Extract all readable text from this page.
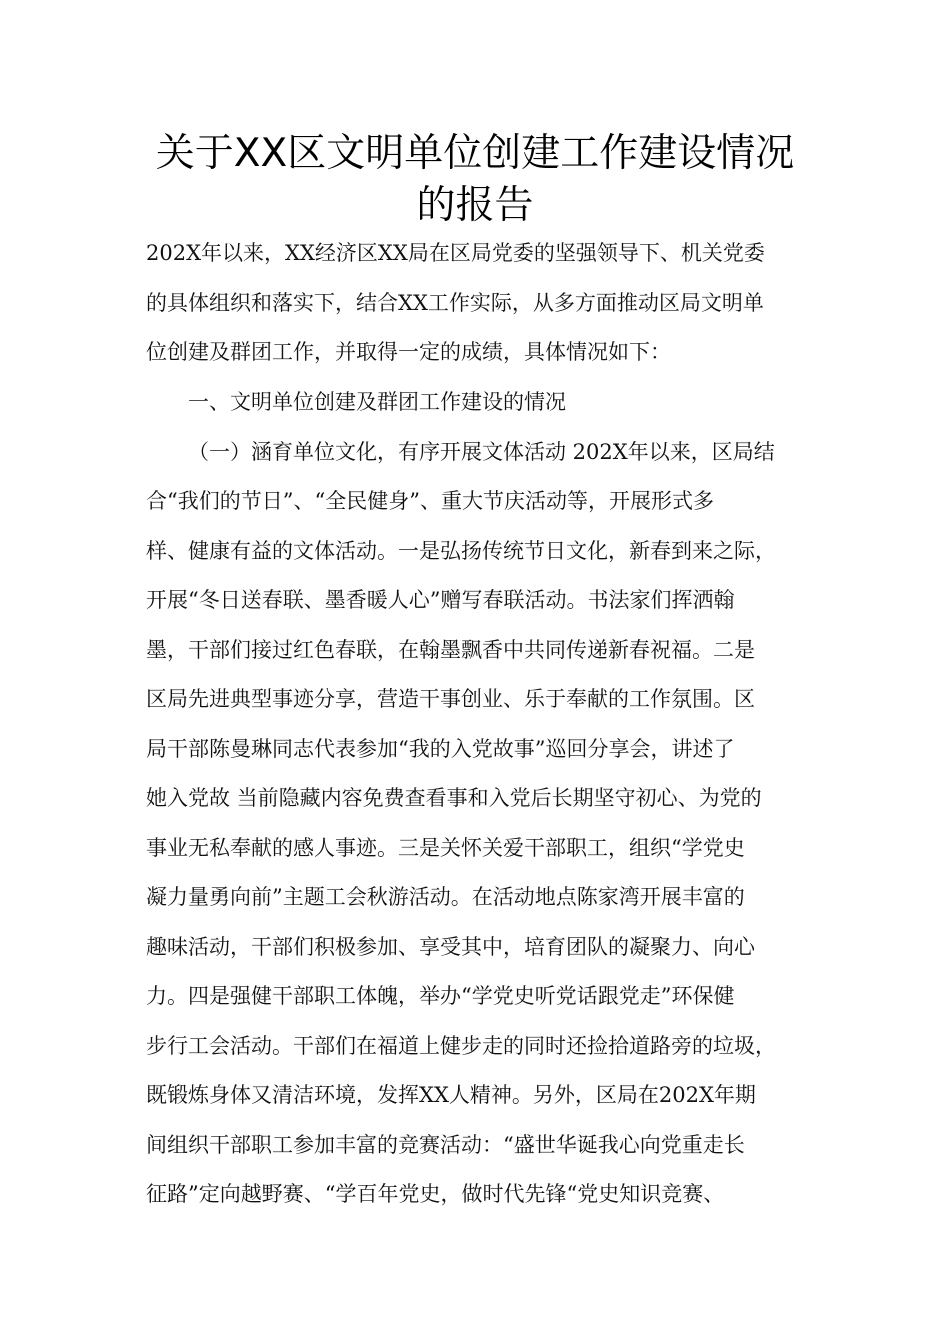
关于XX区文明单位创建工作建设情况
的报告

202X年以来，XX经济区XX局在区局党委的坚强领导下、机关党委

的具体组织和落实下，结合XX工作实际，从多方面推动区局文明单

位创建及群团工作，并取得一定的成绩，具体情况如下：

一、文明单位创建及群团工作建设的情况

（一）涵育单位文化，有序开展文体活动 202X年以来，区局结

合“我们的节日”、“全民健身”、重大节庆活动等，开展形式多

样、健康有益的文体活动。一是弘扬传统节日文化，新春到来之际，

开展“冬日送春联、墨香暖人心”赠写春联活动。书法家们挥洒翰

墨，干部们接过红色春联，在翰墨飘香中共同传递新春祝福。二是

区局先进典型事迹分享，营造干事创业、乐于奉献的工作氛围。区

局干部陈曼琳同志代表参加“我的入党故事”巡回分享会，讲述了

她入党故 当前隐藏内容免费查看事和入党后长期坚守初心、为党的

事业无私奉献的感人事迹。三是关怀关爱干部职工，组织“学党史

凝力量勇向前”主题工会秋游活动。在活动地点陈家湾开展丰富的

趣味活动，干部们积极参加、享受其中，培育团队的凝聚力、向心

力。四是强健干部职工体魄，举办“学党史听党话跟党走”环保健

步行工会活动。干部们在福道上健步走的同时还捡拾道路旁的垃圾，

既锻炼身体又清洁环境，发挥XX人精神。另外，区局在202X年期

间组织干部职工参加丰富的竞赛活动：“盛世华诞我心向党重走长

征路”定向越野赛、“学百年党史，做时代先锋“党史知识竞赛、
